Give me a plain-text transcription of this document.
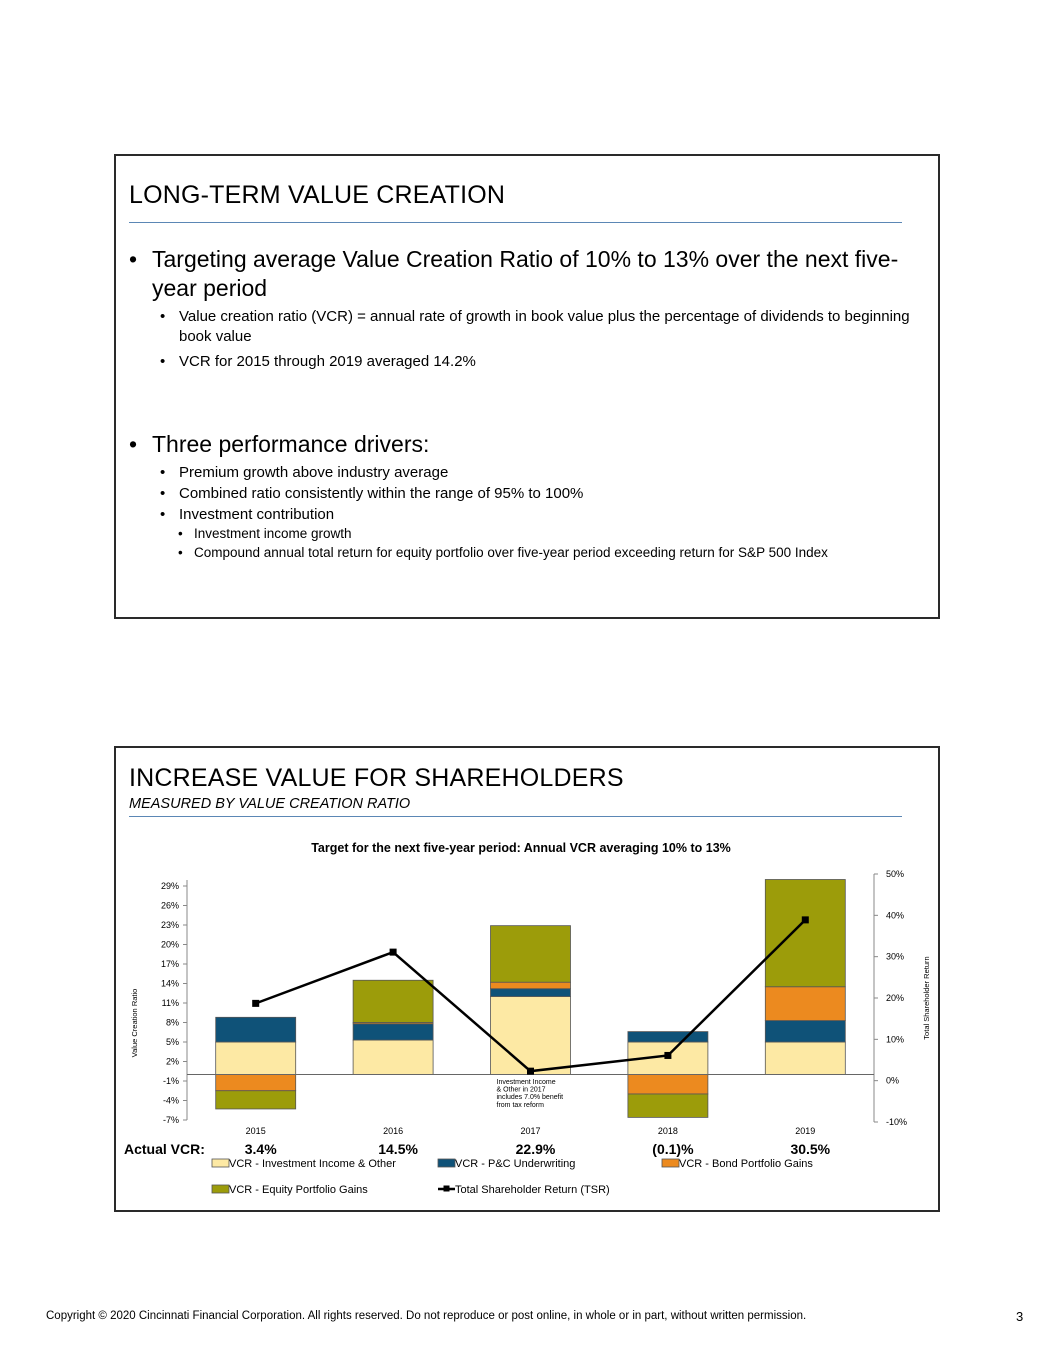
LONG-TERM VALUE CREATION
• Targeting average Value Creation Ratio of 10% to 13% over the next five-year period
• Value creation ratio (VCR) = annual rate of growth in book value plus the percentage of dividends to beginning book value
• VCR for 2015 through 2019 averaged 14.2%
• Three performance drivers:
• Premium growth above industry average
• Combined ratio consistently within the range of 95% to 100%
• Investment contribution
• Investment income growth
• Compound annual total return for equity portfolio over five-year period exceeding return for S&P 500 Index
INCREASE VALUE FOR SHAREHOLDERS
MEASURED BY VALUE CREATION RATIO
Target for the next five-year period: Annual VCR averaging 10% to 13%
-7%
-4%
-1%
2%
5%
8%
11%
14%
17%
20%
23%
26%
29%
Value Creation Ratio
-10%
0%
10%
20%
30%
40%
50%
Total Shareholder Return
2015	2016	2017	2018	2019
Investment Income
& Other in 2017
includes 7.0% benefit
from tax reform
Actual VCR:	3.4%	14.5%	22.9%	(0.1)%	30.5%
VCR - Investment Income & Other	VCR - P&C Underwriting	VCR - Bond Portfolio Gains
VCR - Equity Portfolio Gains	Total Shareholder Return (TSR)
Copyright © 2020 Cincinnati Financial Corporation. All rights reserved. Do not reproduce or post online, in whole or in part, without written permission.	3
